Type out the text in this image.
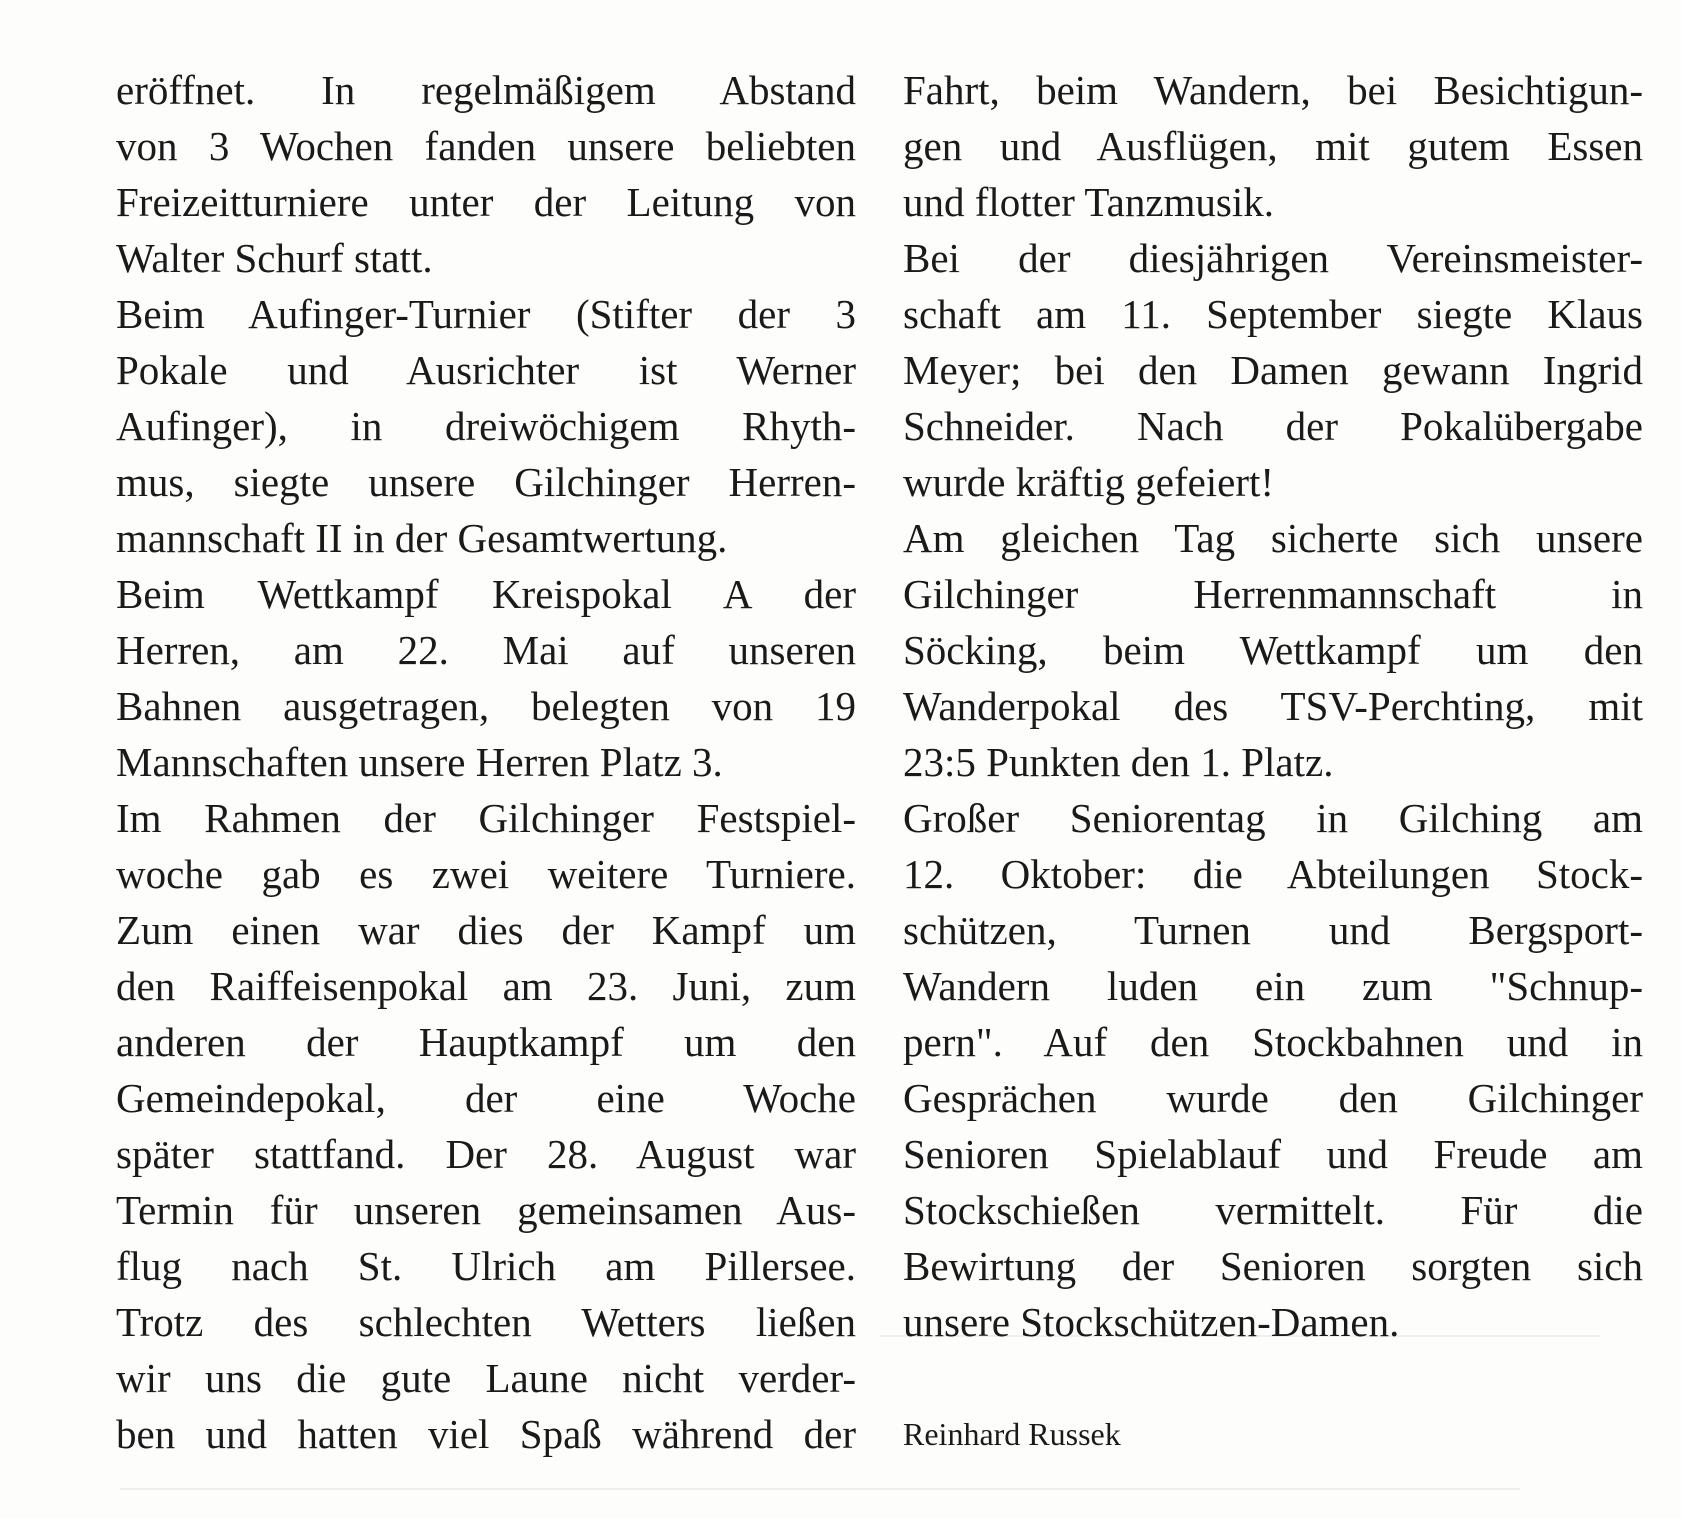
eröffnet. In regelmäßigem Abstand
von 3 Wochen fanden unsere beliebten
Freizeitturniere unter der Leitung von
Walter Schurf statt.
Beim Aufinger-Turnier (Stifter der 3
Pokale und Ausrichter ist Werner
Aufinger), in dreiwöchigem Rhyth-
mus, siegte unsere Gilchinger Herren-
mannschaft II in der Gesamtwertung.
Beim Wettkampf Kreispokal A der
Herren, am 22. Mai auf unseren
Bahnen ausgetragen, belegten von 19
Mannschaften unsere Herren Platz 3.
Im Rahmen der Gilchinger Festspiel-
woche gab es zwei weitere Turniere.
Zum einen war dies der Kampf um
den Raiffeisenpokal am 23. Juni, zum
anderen der Hauptkampf um den
Gemeindepokal, der eine Woche
später stattfand. Der 28. August war
Termin für unseren gemeinsamen Aus-
flug nach St. Ulrich am Pillersee.
Trotz des schlechten Wetters ließen
wir uns die gute Laune nicht verder-
ben und hatten viel Spaß während der
Fahrt, beim Wandern, bei Besichtigun-
gen und Ausflügen, mit gutem Essen
und flotter Tanzmusik.
Bei der diesjährigen Vereinsmeister-
schaft am 11. September siegte Klaus
Meyer; bei den Damen gewann Ingrid
Schneider. Nach der Pokalübergabe
wurde kräftig gefeiert!
Am gleichen Tag sicherte sich unsere
Gilchinger Herrenmannschaft in
Söcking, beim Wettkampf um den
Wanderpokal des TSV-Perchting, mit
23:5 Punkten den 1. Platz.
Großer Seniorentag in Gilching am
12. Oktober: die Abteilungen Stock-
schützen, Turnen und Bergsport-
Wandern luden ein zum "Schnup-
pern". Auf den Stockbahnen und in
Gesprächen wurde den Gilchinger
Senioren Spielablauf und Freude am
Stockschießen vermittelt. Für die
Bewirtung der Senioren sorgten sich
unsere Stockschützen-Damen.
Reinhard Russek
